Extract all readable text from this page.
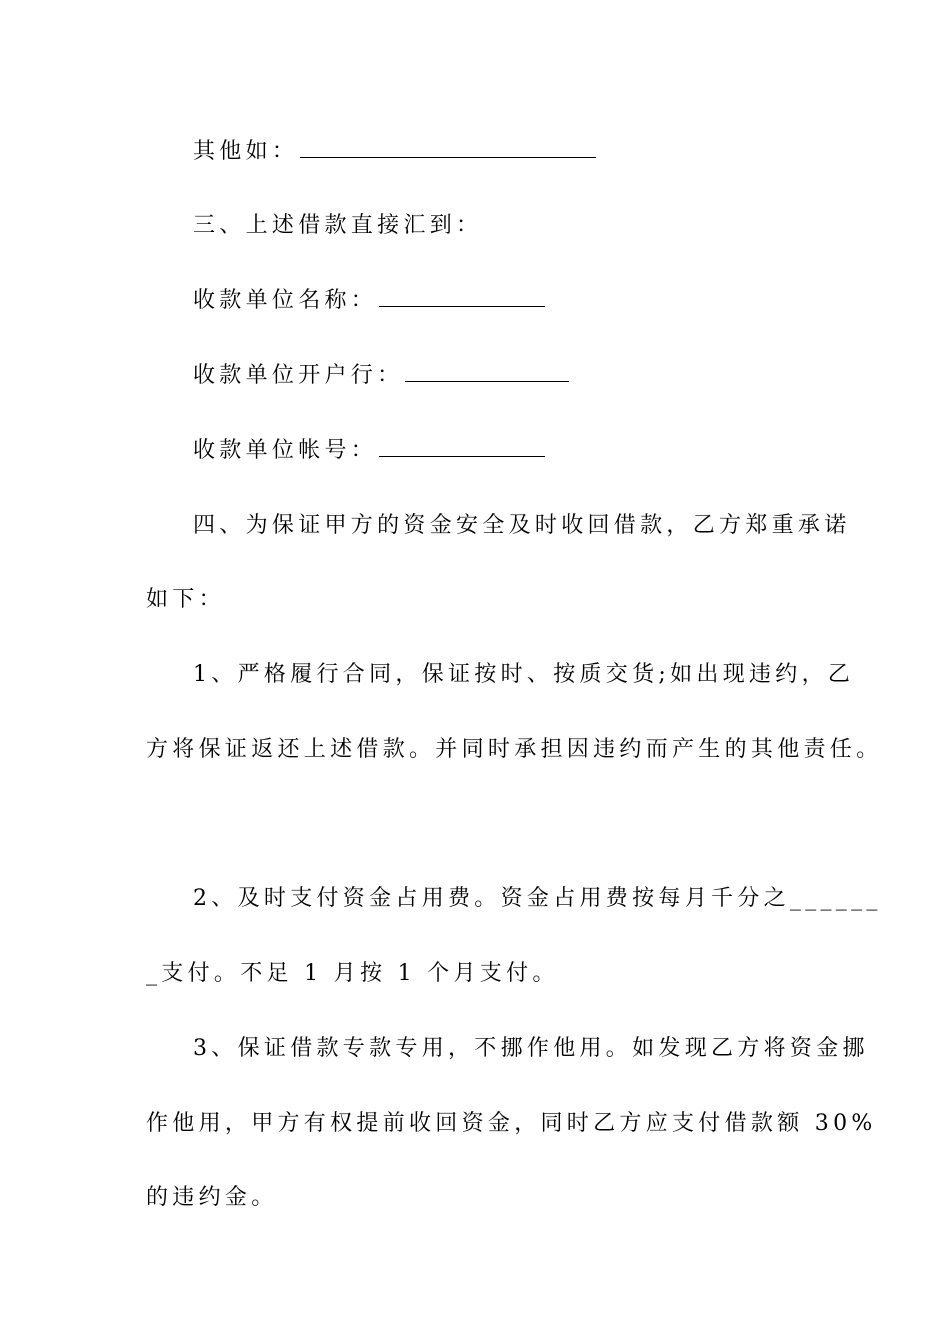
其他如：
三、上述借款直接汇到：
收款单位名称：
收款单位开户行：
收款单位帐号：
四、为保证甲方的资金安全及时收回借款，乙方郑重承诺
如下：
1、严格履行合同，保证按时、按质交货;如出现违约，乙
方将保证返还上述借款。并同时承担因违约而产生的其他责任。
2、及时支付资金占用费。资金占用费按每月千分之______
_支付。不足 1 月按 1 个月支付。
3、保证借款专款专用，不挪作他用。如发现乙方将资金挪
作他用，甲方有权提前收回资金，同时乙方应支付借款额 30%
的违约金。
